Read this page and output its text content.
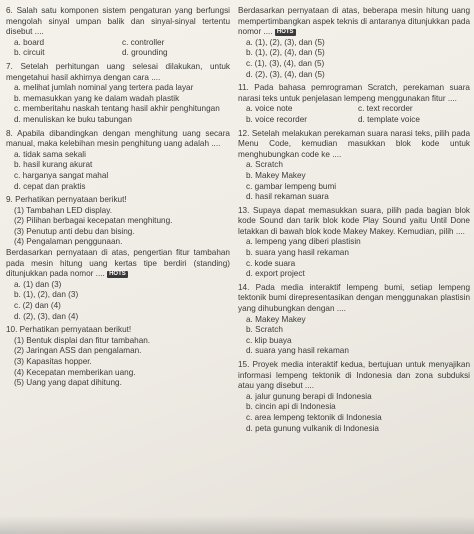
6. Salah satu komponen sistem pengaturan yang berfungsi mengolah sinyal umpan balik dan sinyal-sinyal tertentu disebut ....
a. board	c. controller
b. circuit	d. grounding
7. Setelah perhitungan uang selesai dilakukan, untuk mengetahui hasil akhirnya dengan cara ....
a. melihat jumlah nominal yang tertera pada layar
b. memasukkan yang ke dalam wadah plastik
c. memberitahu naskah tentang hasil akhir penghitungan
d. menuliskan ke buku tabungan
8. Apabila dibandingkan dengan menghitung uang secara manual, maka kelebihan mesin penghitung uang adalah ....
a. tidak sama sekali
b. hasil kurang akurat
c. harganya sangat mahal
d. cepat dan praktis
9. Perhatikan pernyataan berikut!
(1) Tambahan LED display.
(2) Pilihan berbagai kecepatan menghitung.
(3) Penutup anti debu dan bising.
(4) Pengalaman penggunaan.
Berdasarkan pernyataan di atas, pengertian fitur tambahan pada mesin hitung uang kertas tipe berdiri (standing) ditunjukkan pada nomor .... HOTS
a. (1) dan (3)
b. (1), (2), dan (3)
c. (2) dan (4)
d. (2), (3), dan (4)
10. Perhatikan pernyataan berikut!
(1) Bentuk displai dan fitur tambahan.
(2) Jaringan ASS dan pengalaman.
(3) Kapasitas hopper.
(4) Kecepatan memberikan uang.
(5) Uang yang dapat dihitung.
Berdasarkan pernyataan di atas, beberapa mesin hitung uang mempertimbangkan aspek teknis di antaranya ditunjukkan pada nomor .... HOTS
a. (1), (2), (3), dan (5)
b. (1), (2), (4), dan (5)
c. (1), (3), (4), dan (5)
d. (2), (3), (4), dan (5)
11. Pada bahasa pemrograman Scratch, perekaman suara narasi teks untuk penjelasan lempeng menggunakan fitur ....
a. voice note	c. text recorder
b. voice recorder	d. template voice
12. Setelah melakukan perekaman suara narasi teks, pilih pada Menu Code, kemudian masukkan blok kode untuk menghubungkan code ke ....
a. Scratch
b. Makey Makey
c. gambar lempeng bumi
d. hasil rekaman suara
13. Supaya dapat memasukkan suara, pilih pada bagian blok kode Sound dan tarik blok kode Play Sound yaitu Until Done letakkan di bawah blok kode Makey Makey. Kemudian, pilih ....
a. lempeng yang diberi plastisin
b. suara yang hasil rekaman
c. kode suara
d. export project
14. Pada media interaktif lempeng bumi, setiap lempeng tektonik bumi direpresentasikan dengan menggunakan plastisin yang dihubungkan dengan ....
a. Makey Makey
b. Scratch
c. klip buaya
d. suara yang hasil rekaman
15. Proyek media interaktif kedua, bertujuan untuk menyajikan informasi lempeng tektonik di Indonesia dan zona subduksi atau yang disebut ....
a. jalur gunung berapi di Indonesia
b. cincin api di Indonesia
c. area lempeng tektonik di Indonesia
d. peta gunung vulkanik di Indonesia
